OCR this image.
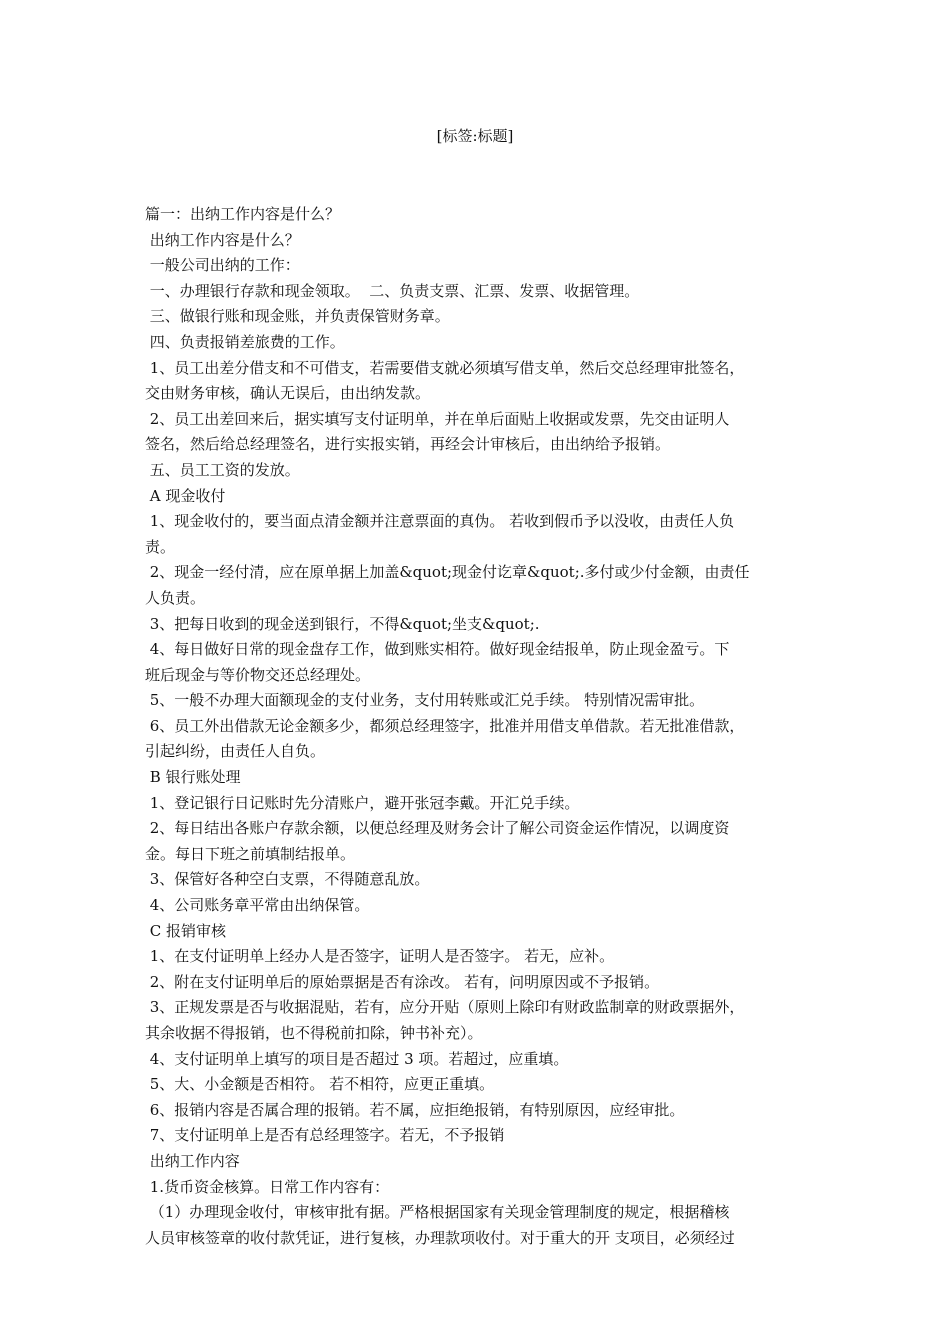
[标签:标题]
篇一：出纳工作内容是什么？
出纳工作内容是什么？
一般公司出纳的工作：
一、办理银行存款和现金领取。  二、负责支票、汇票、发票、收据管理。
三、做银行账和现金账，并负责保管财务章。
四、负责报销差旅费的工作。
1、员工出差分借支和不可借支，若需要借支就必须填写借支单，然后交总经理审批签名，
交由财务审核，确认无误后，由出纳发款。
2、员工出差回来后，据实填写支付证明单，并在单后面贴上收据或发票，先交由证明人
签名，然后给总经理签名，进行实报实销，再经会计审核后，由出纳给予报销。
五、员工工资的发放。
A 现金收付
1、现金收付的，要当面点清金额并注意票面的真伪。 若收到假币予以没收，由责任人负
责。
2、现金一经付清，应在原单据上加盖&quot;现金付讫章&quot;.多付或少付金额，由责任
人负责。
3、把每日收到的现金送到银行，不得&quot;坐支&quot;.
4、每日做好日常的现金盘存工作，做到账实相符。做好现金结报单，防止现金盈亏。下
班后现金与等价物交还总经理处。
5、一般不办理大面额现金的支付业务，支付用转账或汇兑手续。 特别情况需审批。
6、员工外出借款无论金额多少，都须总经理签字，批准并用借支单借款。若无批准借款，
引起纠纷，由责任人自负。
B 银行账处理
1、登记银行日记账时先分清账户，避开张冠李戴。开汇兑手续。
2、每日结出各账户存款余额，以便总经理及财务会计了解公司资金运作情况，以调度资
金。每日下班之前填制结报单。
3、保管好各种空白支票，不得随意乱放。
4、公司账务章平常由出纳保管。
C 报销审核
1、在支付证明单上经办人是否签字，证明人是否签字。 若无，应补。
2、附在支付证明单后的原始票据是否有涂改。 若有，问明原因或不予报销。
3、正规发票是否与收据混贴，若有，应分开贴（原则上除印有财政监制章的财政票据外，
其余收据不得报销，也不得税前扣除，钟书补充）。
4、支付证明单上填写的项目是否超过 3 项。若超过，应重填。
5、大、小金额是否相符。 若不相符，应更正重填。
6、报销内容是否属合理的报销。若不属，应拒绝报销，有特别原因，应经审批。
7、支付证明单上是否有总经理签字。若无，不予报销
出纳工作内容
1.货币资金核算。日常工作内容有：
（1）办理现金收付，审核审批有据。严格根据国家有关现金管理制度的规定，根据稽核
人员审核签章的收付款凭证，进行复核，办理款项收付。对于重大的开 支项目，必须经过
